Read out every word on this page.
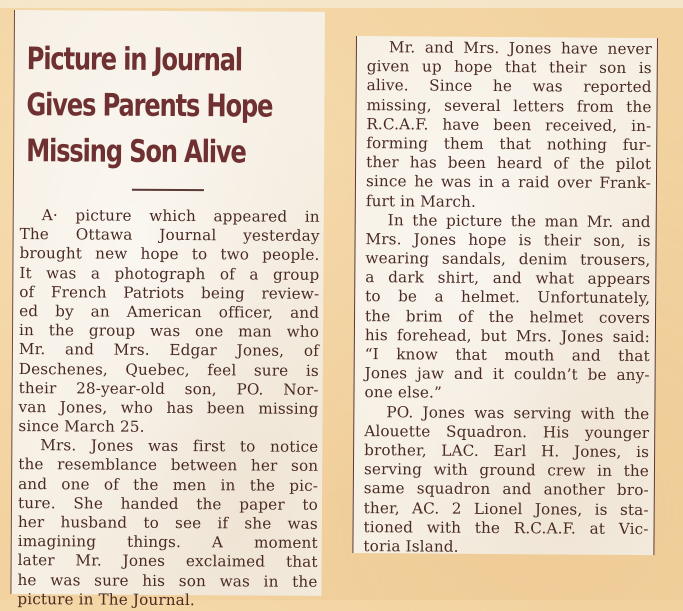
Picture in Journal
Gives Parents Hope
Missing Son Alive
A· picture which appeared in
The Ottawa Journal yesterday
brought new hope to two people.
It was a photograph of a group
of French Patriots being review-
ed by an American officer, and
in the group was one man who
Mr. and Mrs. Edgar Jones, of
Deschenes, Quebec, feel sure is
their 28-year-old son, PO. Nor-
van Jones, who has been missing
since March 25.
Mrs. Jones was first to notice
the resemblance between her son
and one of the men in the pic-
ture. She handed the paper to
her husband to see if she was
imagining things. A moment
later Mr. Jones exclaimed that
he was sure his son was in the
picture in The Journal.
Mr. and Mrs. Jones have never
given up hope that their son is
alive. Since he was reported
missing, several letters from the
R.C.A.F. have been received, in-
forming them that nothing fur-
ther has been heard of the pilot
since he was in a raid over Frank-
furt in March.
In the picture the man Mr. and
Mrs. Jones hope is their son, is
wearing sandals, denim trousers,
a dark shirt, and what appears
to be a helmet. Unfortunately,
the brim of the helmet covers
his forehead, but Mrs. Jones said:
“I know that mouth and that
Jones jaw and it couldn’t be any-
one else.”
PO. Jones was serving with the
Alouette Squadron. His younger
brother, LAC. Earl H. Jones, is
serving with ground crew in the
same squadron and another bro-
ther, AC. 2 Lionel Jones, is sta-
tioned with the R.C.A.F. at Vic-
toria Island.
